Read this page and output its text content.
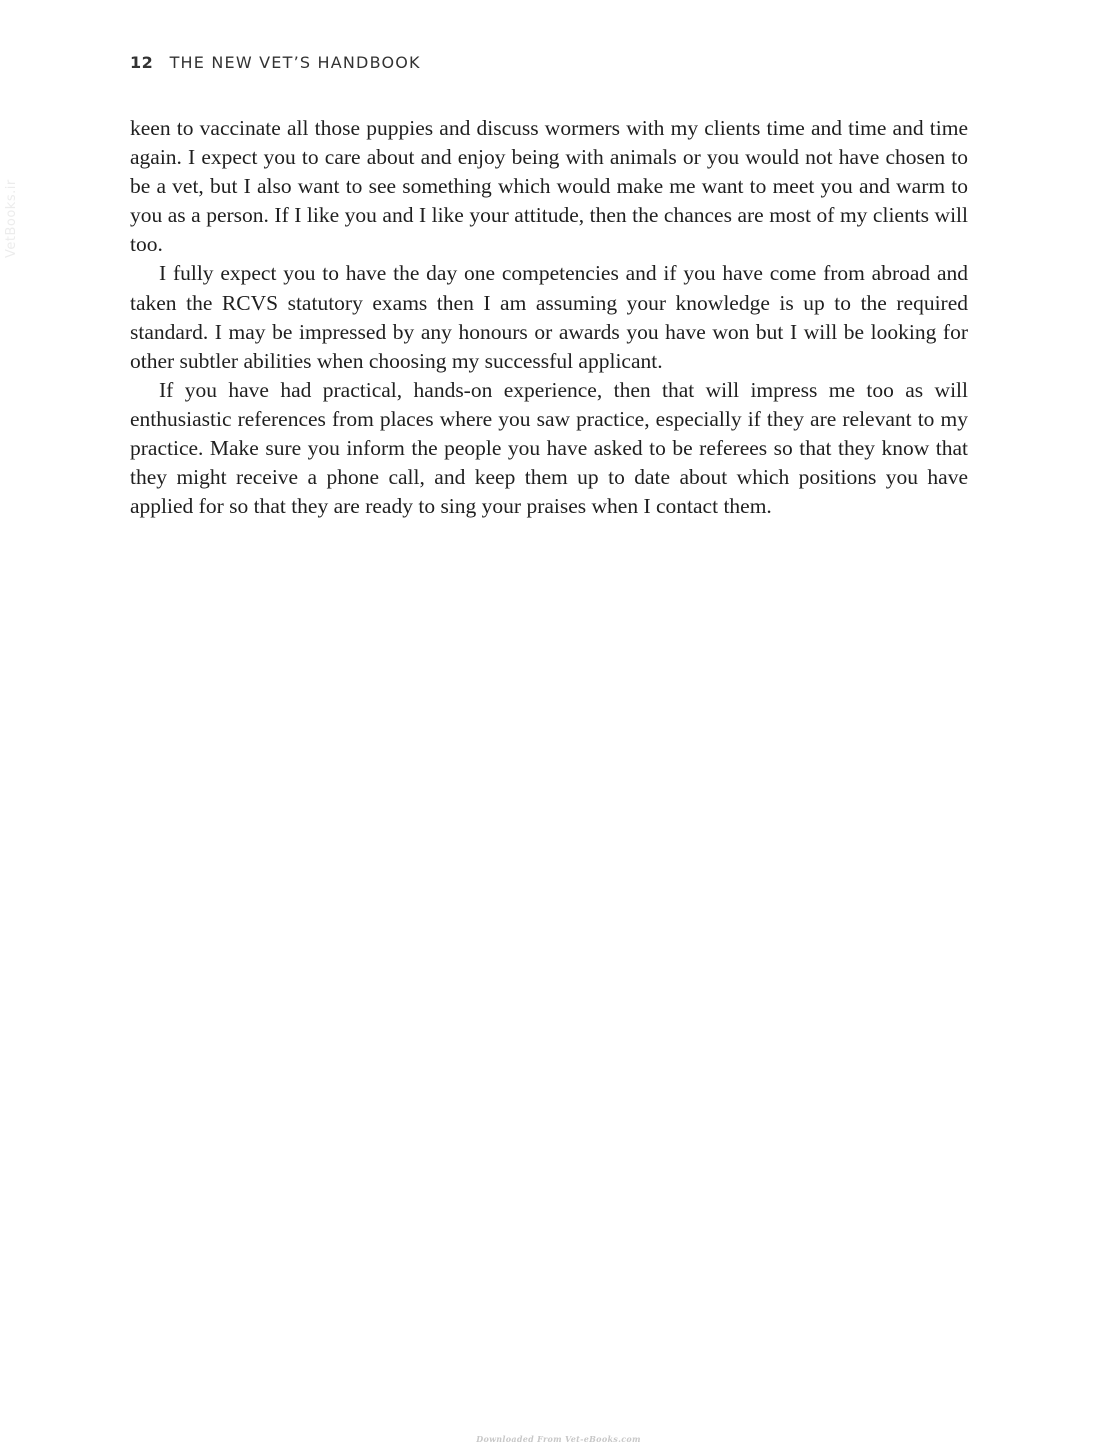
12 THE NEW VET’S HANDBOOK
VetBooks.ir

keen to vaccinate all those puppies and discuss wormers with my clients time and time and time again. I expect you to care about and enjoy being with animals or you would not have chosen to be a vet, but I also want to see something which would make me want to meet you and warm to you as a person. If I like you and I like your attitude, then the chances are most of my clients will too.

I fully expect you to have the day one competencies and if you have come from abroad and taken the RCVS statutory exams then I am assuming your knowledge is up to the required standard. I may be impressed by any honours or awards you have won but I will be looking for other subtler abilities when choosing my successful applicant.

If you have had practical, hands-on experience, then that will impress me too as will enthusiastic references from places where you saw practice, especially if they are relevant to my practice. Make sure you inform the people you have asked to be referees so that they know that they might receive a phone call, and keep them up to date about which positions you have applied for so that they are ready to sing your praises when I contact them.

Downloaded From Vet-eBooks.com
